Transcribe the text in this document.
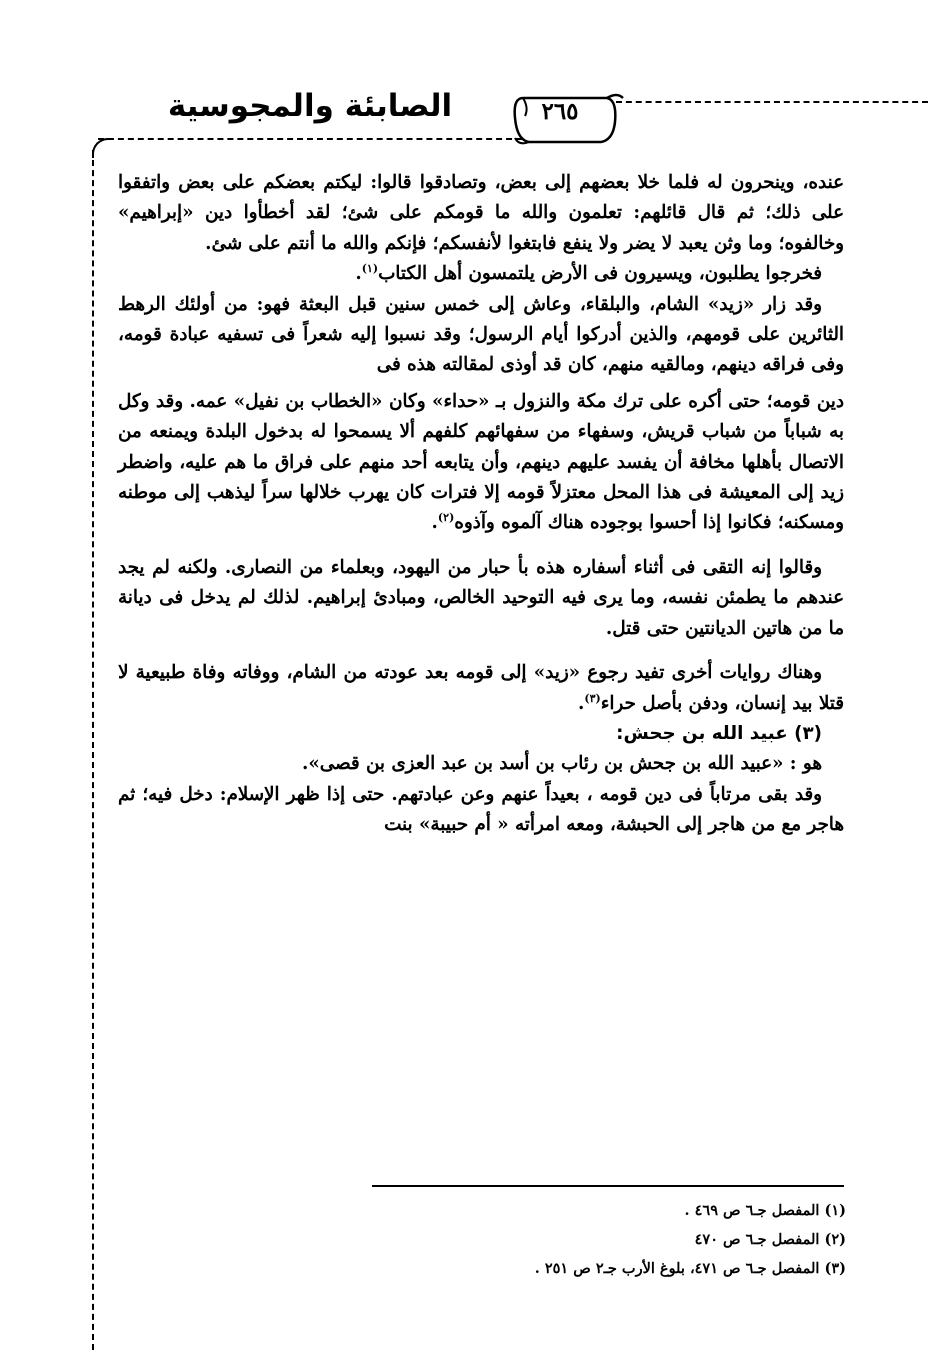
الصابئة والمجوسية	٢٦٥

عنده، وينحرون له فلما خلا بعضهم إلى بعض، وتصادقوا قالوا: ليكتم بعضكم على بعض واتفقوا على ذلك؛ ثم قال قائلهم: تعلمون والله ما قومكم على شئ؛ لقد أخطأوا دين «إبراهيم» وخالفوه؛ وما وثن يعبد لا يضر ولا ينفع فابتغوا لأنفسكم؛ فإنكم والله ما أنتم على شئ.

فخرجوا يطلبون، ويسيرون فى الأرض يلتمسون أهل الكتاب$^{(١)}$.

وقد زار «زيد» الشام، والبلقاء، وعاش إلى خمس سنين قبل البعثة فهو: من أولئك الرهط الثائرين على قومهم، والذين أدركوا أيام الرسول؛ وقد نسبوا إليه شعراً فى تسفيه عبادة قومه، وفى فراقه دينهم، ومالقيه منهم، كان قد أوذى لمقالته هذه فى

دين قومه؛ حتى أكره على ترك مكة والنزول بـ «حداء» وكان «الخطاب بن نفيل» عمه. وقد وكل به شباباً من شباب قريش، وسفهاء من سفهائهم كلفهم ألا يسمحوا له بدخول البلدة ويمنعه من الاتصال بأهلها مخافة أن يفسد عليهم دينهم، وأن يتابعه أحد منهم على فراق ما هم عليه، واضطر زيد إلى المعيشة فى هذا المحل معتزلاً قومه إلا فترات كان يهرب خلالها سراً ليذهب إلى موطنه ومسكنه؛ فكانوا إذا أحسوا بوجوده هناك آلموه وآذوه$^{(٢)}$.

وقالوا إنه التقى فى أثناء أسفاره هذه بأ حبار من اليهود، وبعلماء من النصارى. ولكنه لم يجد عندهم ما يطمئن نفسه، وما يرى فيه التوحيد الخالص، ومبادئ إبراهيم. لذلك لم يدخل فى ديانة ما من هاتين الديانتين حتى قتل.

وهناك روايات أخرى تفيد رجوع «زيد» إلى قومه بعد عودته من الشام، ووفاته وفاة طبيعية لا قتلا بيد إنسان، ودفن بأصل حراء$^{(٣)}$.

(٣) عبيد الله بن جحش:

هو : «عبيد الله بن جحش بن رئاب بن أسد بن عبد العزى بن قصى».

وقد بقى مرتاباً فى دين قومه ، بعيداً عنهم وعن عبادتهم. حتى إذا ظهر الإسلام: دخل فيه؛ ثم هاجر مع من هاجر إلى الحبشة، ومعه امرأته « أم حبيبة» بنت

(١) المفصل جـ٦ ص ٤٦٩ .
(٢) المفصل جـ٦ ص ٤٧٠
(٣) المفصل جـ٦ ص ٤٧١، بلوغ الأرب جـ٢ ص ٢٥١ .
